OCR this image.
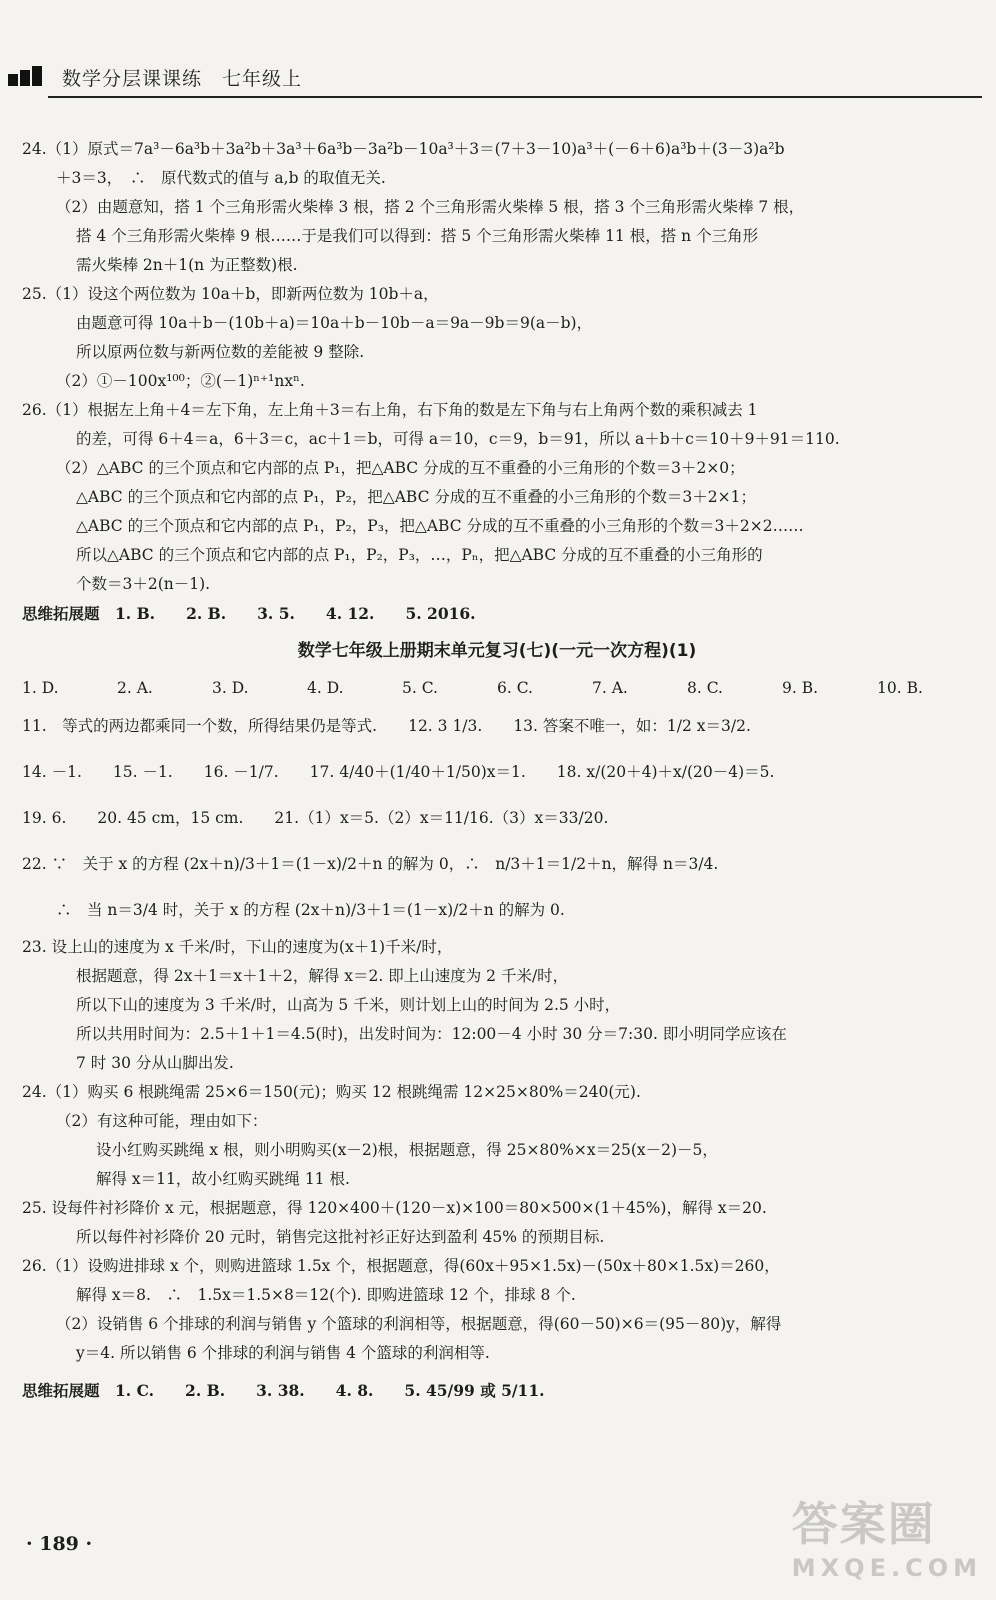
数学分层课课练　七年级上
24.（1）原式＝7a³－6a³b＋3a²b＋3a³＋6a³b－3a²b－10a³＋3＝(7＋3－10)a³＋(－6＋6)a³b＋(3－3)a²b
＋3＝3，　∴　原代数式的值与 a,b 的取值无关.
（2）由题意知，搭 1 个三角形需火柴棒 3 根，搭 2 个三角形需火柴棒 5 根，搭 3 个三角形需火柴棒 7 根，
搭 4 个三角形需火柴棒 9 根……于是我们可以得到：搭 5 个三角形需火柴棒 11 根，搭 n 个三角形
需火柴棒 2n＋1(n 为正整数)根.
25.（1）设这个两位数为 10a＋b，即新两位数为 10b＋a，
由题意可得 10a＋b－(10b＋a)＝10a＋b－10b－a＝9a－9b＝9(a－b)，
所以原两位数与新两位数的差能被 9 整除.
（2）①－100x¹⁰⁰；②(－1)ⁿ⁺¹nxⁿ.
26.（1）根据左上角＋4＝左下角，左上角＋3＝右上角，右下角的数是左下角与右上角两个数的乘积减去 1
的差，可得 6＋4＝a，6＋3＝c，ac＋1＝b，可得 a＝10，c＝9，b＝91，所以 a＋b＋c＝10＋9＋91＝110.
（2）△ABC 的三个顶点和它内部的点 P₁，把△ABC 分成的互不重叠的小三角形的个数＝3＋2×0；
△ABC 的三个顶点和它内部的点 P₁，P₂，把△ABC 分成的互不重叠的小三角形的个数＝3＋2×1；
△ABC 的三个顶点和它内部的点 P₁，P₂，P₃，把△ABC 分成的互不重叠的小三角形的个数＝3＋2×2……
所以△ABC 的三个顶点和它内部的点 P₁，P₂，P₃，…，Pₙ，把△ABC 分成的互不重叠的小三角形的
个数＝3＋2(n－1).
思维拓展题　1. B.　　2. B.　　3. 5.　　4. 12.　　5. 2016.
数学七年级上册期末单元复习(七)(一元一次方程)(1)
1. D.	2. A.	3. D.	4. D.	5. C.	6. C.	7. A.	8. C.	9. B.	10. B.
11.　等式的两边都乘同一个数，所得结果仍是等式.　　12. 3 1/3.　　13. 答案不唯一，如：1/2 x＝3/2.
14. －1.　　15. －1.　　16. －1/7.　　17. 4/40＋(1/40＋1/50)x＝1.　　18. x/(20＋4)＋x/(20－4)＝5.
19. 6.　　20. 45 cm，15 cm.　　21.（1）x＝5.（2）x＝11/16.（3）x＝33/20.
22. ∵　关于 x 的方程 (2x＋n)/3＋1＝(1－x)/2＋n 的解为 0，∴　n/3＋1＝1/2＋n，解得 n＝3/4.
∴　当 n＝3/4 时，关于 x 的方程 (2x＋n)/3＋1＝(1－x)/2＋n 的解为 0.
23. 设上山的速度为 x 千米/时，下山的速度为(x＋1)千米/时，
根据题意，得 2x＋1＝x＋1＋2，解得 x＝2. 即上山速度为 2 千米/时，
所以下山的速度为 3 千米/时，山高为 5 千米，则计划上山的时间为 2.5 小时，
所以共用时间为：2.5＋1＋1＝4.5(时)，出发时间为：12:00－4 小时 30 分＝7:30. 即小明同学应该在
7 时 30 分从山脚出发.
24.（1）购买 6 根跳绳需 25×6＝150(元)；购买 12 根跳绳需 12×25×80%＝240(元).
（2）有这种可能，理由如下：
设小红购买跳绳 x 根，则小明购买(x－2)根，根据题意，得 25×80%×x＝25(x－2)－5，
解得 x＝11，故小红购买跳绳 11 根.
25. 设每件衬衫降价 x 元，根据题意，得 120×400＋(120－x)×100＝80×500×(1＋45%)，解得 x＝20.
所以每件衬衫降价 20 元时，销售完这批衬衫正好达到盈利 45% 的预期目标.
26.（1）设购进排球 x 个，则购进篮球 1.5x 个，根据题意，得(60x＋95×1.5x)－(50x＋80×1.5x)＝260，
解得 x＝8.　∴　1.5x＝1.5×8＝12(个). 即购进篮球 12 个，排球 8 个.
（2）设销售 6 个排球的利润与销售 y 个篮球的利润相等，根据题意，得(60－50)×6＝(95－80)y，解得
y＝4. 所以销售 6 个排球的利润与销售 4 个篮球的利润相等.
思维拓展题　1. C.　　2. B.　　3. 38.　　4. 8.　　5. 45/99 或 5/11.
· 189 ·	答案圈
MXQE.COM
